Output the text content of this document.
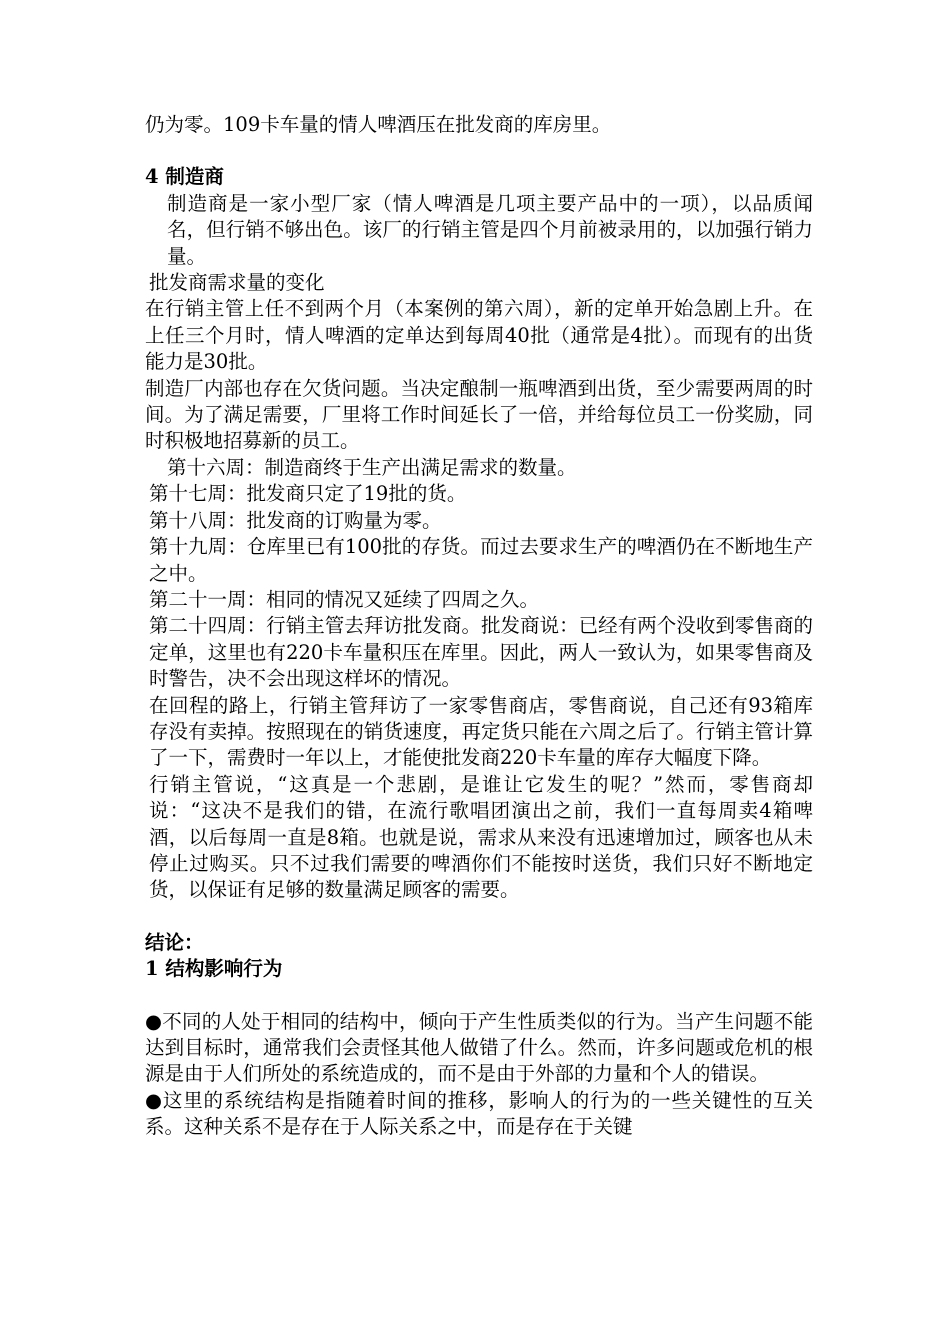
仍为零。109卡车量的情人啤酒压在批发商的库房里。

4 制造商

制造商是一家小型厂家（情人啤酒是几项主要产品中的一项），以品质闻名，但行销不够出色。该厂的行销主管是四个月前被录用的，以加强行销力量。

批发商需求量的变化

在行销主管上任不到两个月（本案例的第六周），新的定单开始急剧上升。在上任三个月时，情人啤酒的定单达到每周40批（通常是4批）。而现有的出货能力是30批。

制造厂内部也存在欠货问题。当决定酿制一瓶啤酒到出货，至少需要两周的时间。为了满足需要，厂里将工作时间延长了一倍，并给每位员工一份奖励，同时积极地招募新的员工。

第十六周：制造商终于生产出满足需求的数量。

第十七周：批发商只定了19批的货。

第十八周：批发商的订购量为零。

第十九周：仓库里已有100批的存货。而过去要求生产的啤酒仍在不断地生产之中。

第二十一周：相同的情况又延续了四周之久。

第二十四周：行销主管去拜访批发商。批发商说：已经有两个没收到零售商的定单，这里也有220卡车量积压在库里。因此，两人一致认为，如果零售商及时警告，决不会出现这样坏的情况。

在回程的路上，行销主管拜访了一家零售商店，零售商说，自己还有93箱库存没有卖掉。按照现在的销货速度，再定货只能在六周之后了。行销主管计算了一下，需费时一年以上，才能使批发商220卡车量的库存大幅度下降。

行销主管说，“这真是一个悲剧，是谁让它发生的呢？”然而，零售商却说：“这决不是我们的错，在流行歌唱团演出之前，我们一直每周卖4箱啤酒，以后每周一直是8箱。也就是说，需求从来没有迅速增加过，顾客也从未停止过购买。只不过我们需要的啤酒你们不能按时送货，我们只好不断地定货，以保证有足够的数量满足顾客的需要。

结论：

1 结构影响行为

●不同的人处于相同的结构中，倾向于产生性质类似的行为。当产生问题不能达到目标时，通常我们会责怪其他人做错了什么。然而，许多问题或危机的根源是由于人们所处的系统造成的，而不是由于外部的力量和个人的错误。

●这里的系统结构是指随着时间的推移，影响人的行为的一些关键性的互关系。这种关系不是存在于人际关系之中，而是存在于关键
